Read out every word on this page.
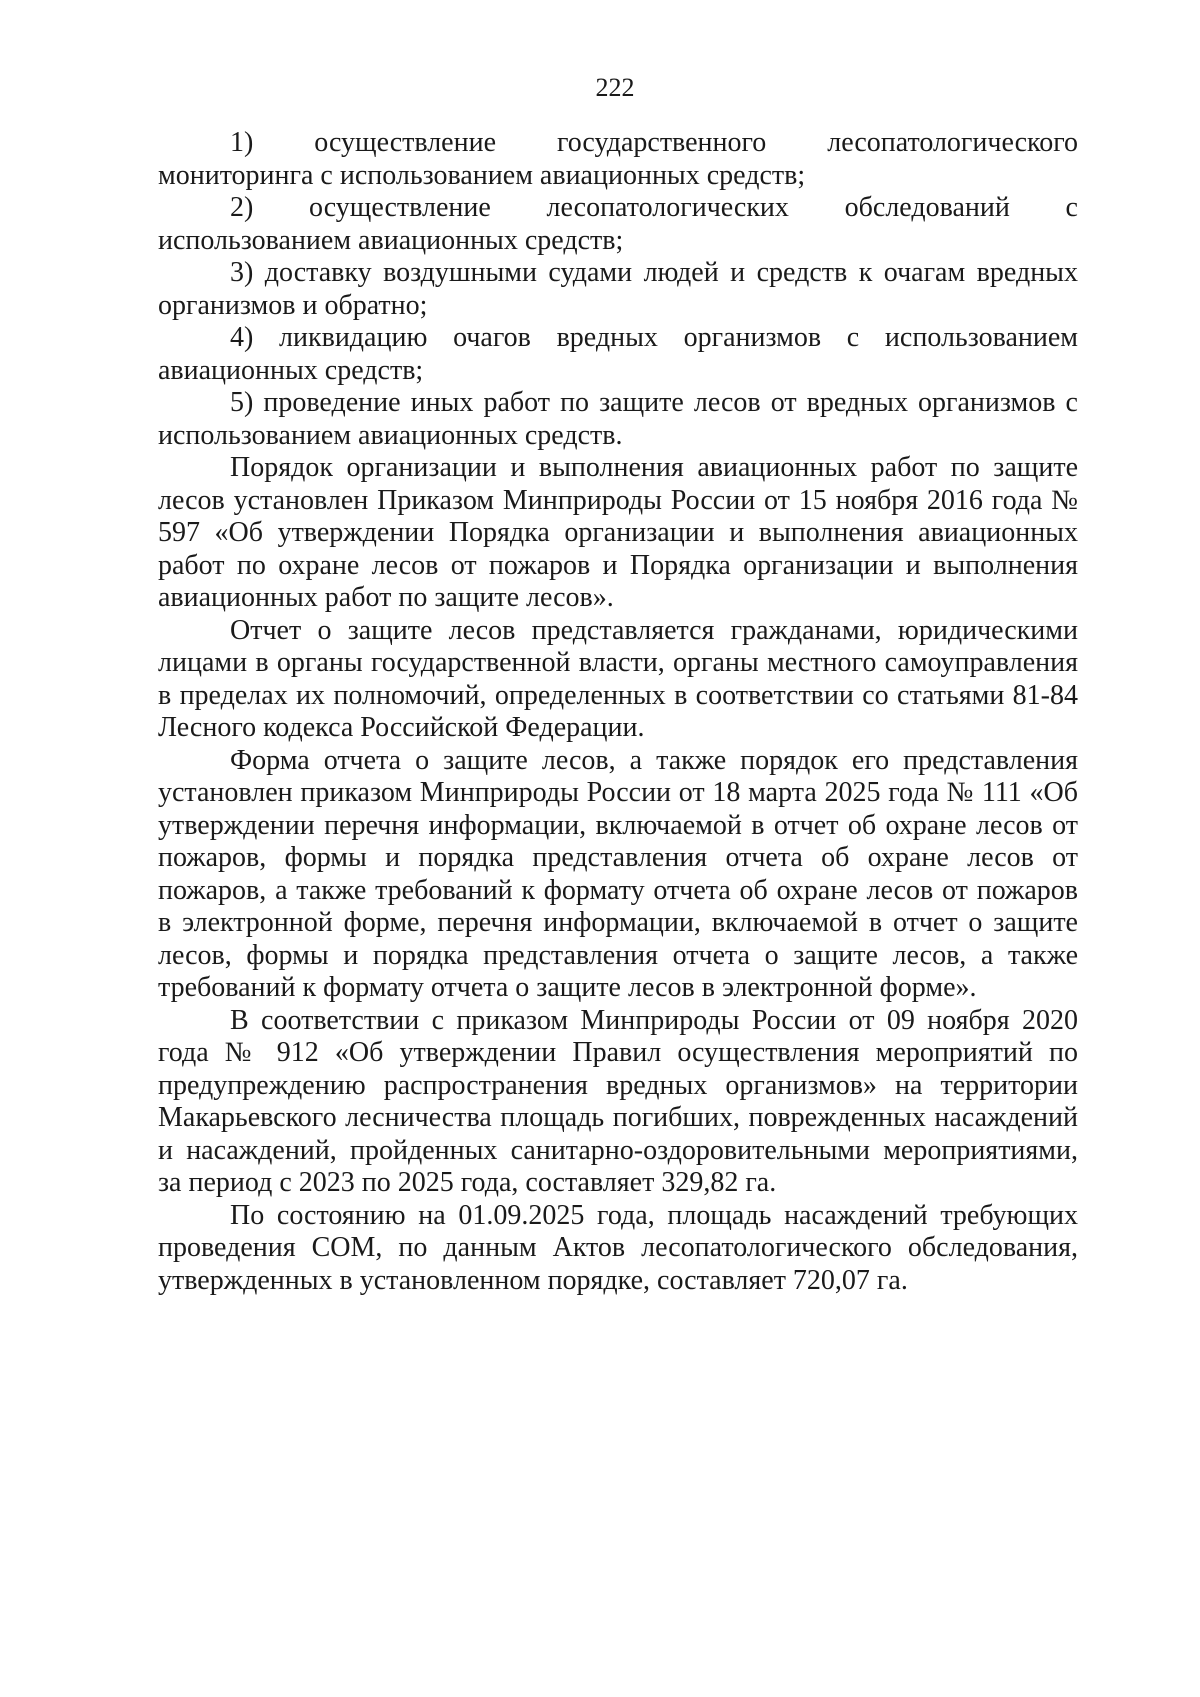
222

1) осуществление государственного лесопатологического мониторинга с использованием авиационных средств;

2) осуществление лесопатологических обследований с использованием авиационных средств;

3) доставку воздушными судами людей и средств к очагам вредных организмов и обратно;

4) ликвидацию очагов вредных организмов с использованием авиационных средств;

5) проведение иных работ по защите лесов от вредных организмов с использованием авиационных средств.

Порядок организации и выполнения авиационных работ по защите лесов установлен Приказом Минприроды России от 15 ноября 2016 года № 597 «Об утверждении Порядка организации и выполнения авиационных работ по охране лесов от пожаров и Порядка организации и выполнения авиационных работ по защите лесов».

Отчет о защите лесов представляется гражданами, юридическими лицами в органы государственной власти, органы местного самоуправления в пределах их полномочий, определенных в соответствии со статьями 81-84 Лесного кодекса Российской Федерации.

Форма отчета о защите лесов, а также порядок его представления установлен приказом Минприроды России от 18 марта 2025 года № 111 «Об утверждении перечня информации, включаемой в отчет об охране лесов от пожаров, формы и порядка представления отчета об охране лесов от пожаров, а также требований к формату отчета об охране лесов от пожаров в электронной форме, перечня информации, включаемой в отчет о защите лесов, формы и порядка представления отчета о защите лесов, а также требований к формату отчета о защите лесов в электронной форме».

В соответствии с приказом Минприроды России от 09 ноября 2020 года № 912 «Об утверждении Правил осуществления мероприятий по предупреждению распространения вредных организмов» на территории Макарьевского лесничества площадь погибших, поврежденных насаждений и насаждений, пройденных санитарно-оздоровительными мероприятиями, за период с 2023 по 2025 года, составляет 329,82 га.

По состоянию на 01.09.2025 года, площадь насаждений требующих проведения СОМ, по данным Актов лесопатологического обследования, утвержденных в установленном порядке, составляет 720,07 га.
